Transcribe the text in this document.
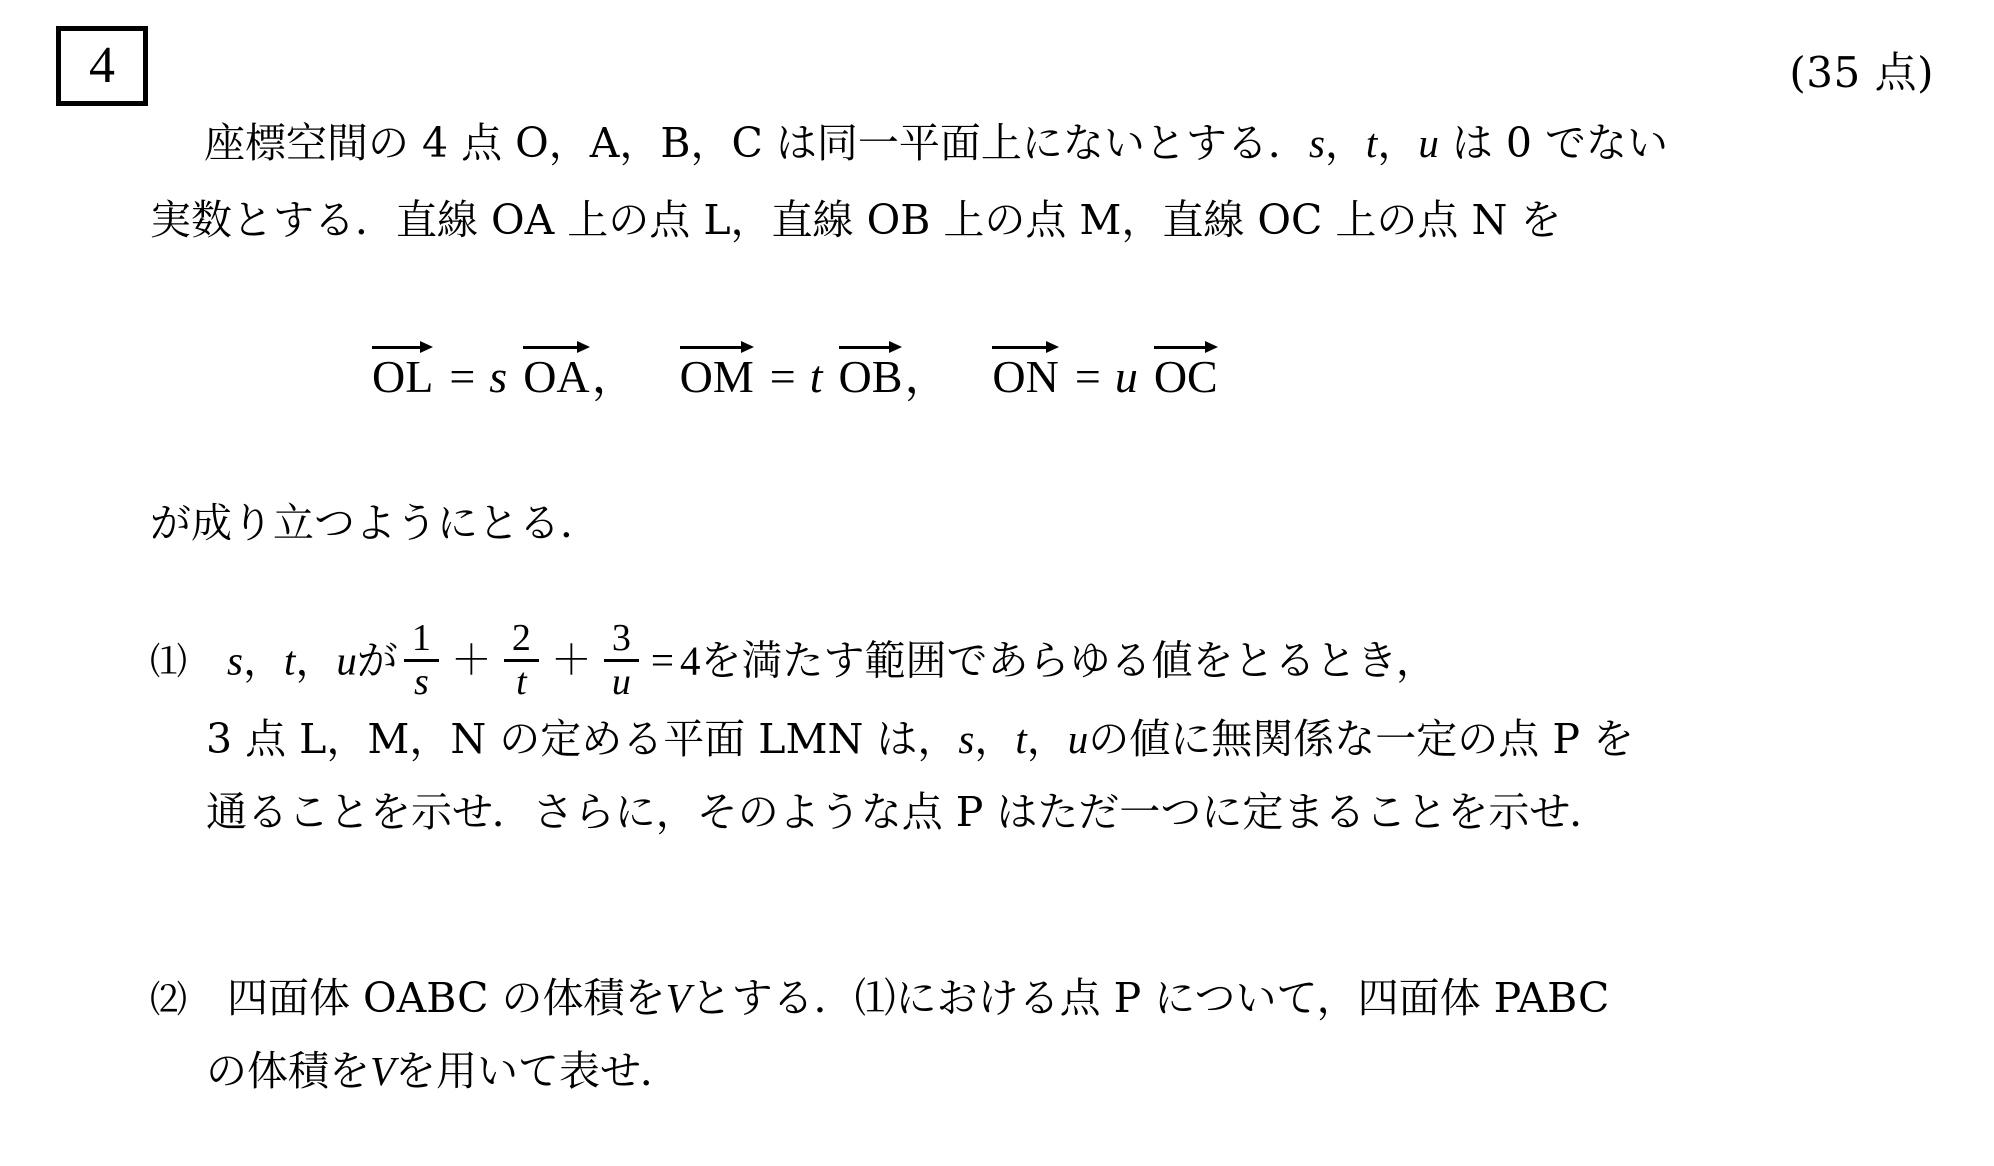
4	(35 点)

座標空間の 4 点 O，A，B，C は同一平面上にないとする．s，t，u は 0 でない

実数とする．直線 OA 上の点 L，直線 OB 上の点 M，直線 OC 上の点 N を

OL = s OA， OM = t OB， ON = u OC
が成り立つようにとる．
⑴ s，t，uが $\frac{1}{s} + \frac{2}{t} + \frac{3}{u} = 4$を満たす範囲であらゆる値をとるとき，
3 点 L，M，N の定める平面 LMN は，s，t，uの値に無関係な一定の点 P を
通ることを示せ．さらに，そのような点 P はただ一つに定まることを示せ．
⑵ 四面体 OABC の体積をVとする．⑴における点 P について，四面体 PABC
の体積をVを用いて表せ．
